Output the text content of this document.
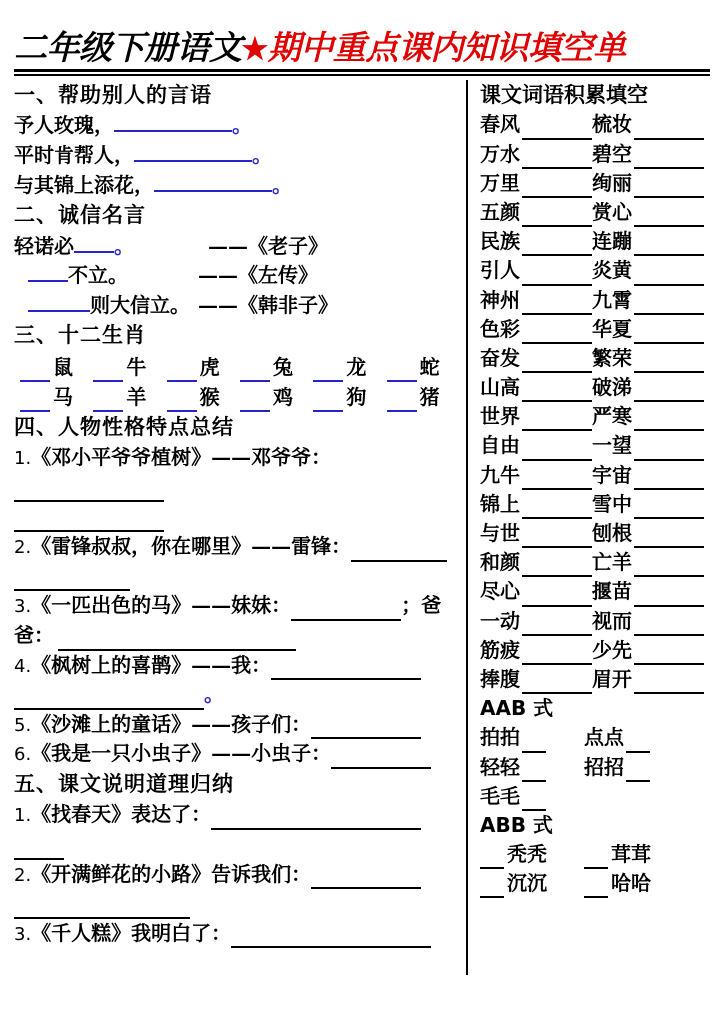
二年级下册语文★期中重点课内知识填空单
一、帮助别人的言语
予人玫瑰，	。
平时肯帮人，	。
与其锦上添花，	。
二、诚信名言
轻诺必 。	——《老子》
不立。	——《左传》
则大信立。 ——《韩非子》
三、十二生肖
鼠	牛	虎	兔	龙	蛇
马	羊	猴	鸡	狗	猪
四、人物性格特点总结
1.《邓小平爷爷植树》——邓爷爷：
2.《雷锋叔叔，你在哪里》——雷锋：
3.《一匹出色的马》——妹妹：	；爸爸：
4.《枫树上的喜鹊》——我：
。
5.《沙滩上的童话》——孩子们：
6.《我是一只小虫子》——小虫子：
五、课文说明道理归纳
1.《找春天》表达了：
2.《开满鲜花的小路》告诉我们：
3.《千人糕》我明白了：
课文词语积累填空
春风	梳妆
万水	碧空
万里	绚丽
五颜	赏心
民族	连蹦
引人	炎黄
神州	九霄
色彩	华夏
奋发	繁荣
山高	破涕
世界	严寒
自由	一望
九牛	宇宙
锦上	雪中
与世	刨根
和颜	亡羊
尽心	揠苗
一动	视而
筋疲	少先
捧腹	眉开
AAB 式
拍拍	点点
轻轻	招招
毛毛
ABB 式
秃秃	茸茸
沉沉	哈哈
